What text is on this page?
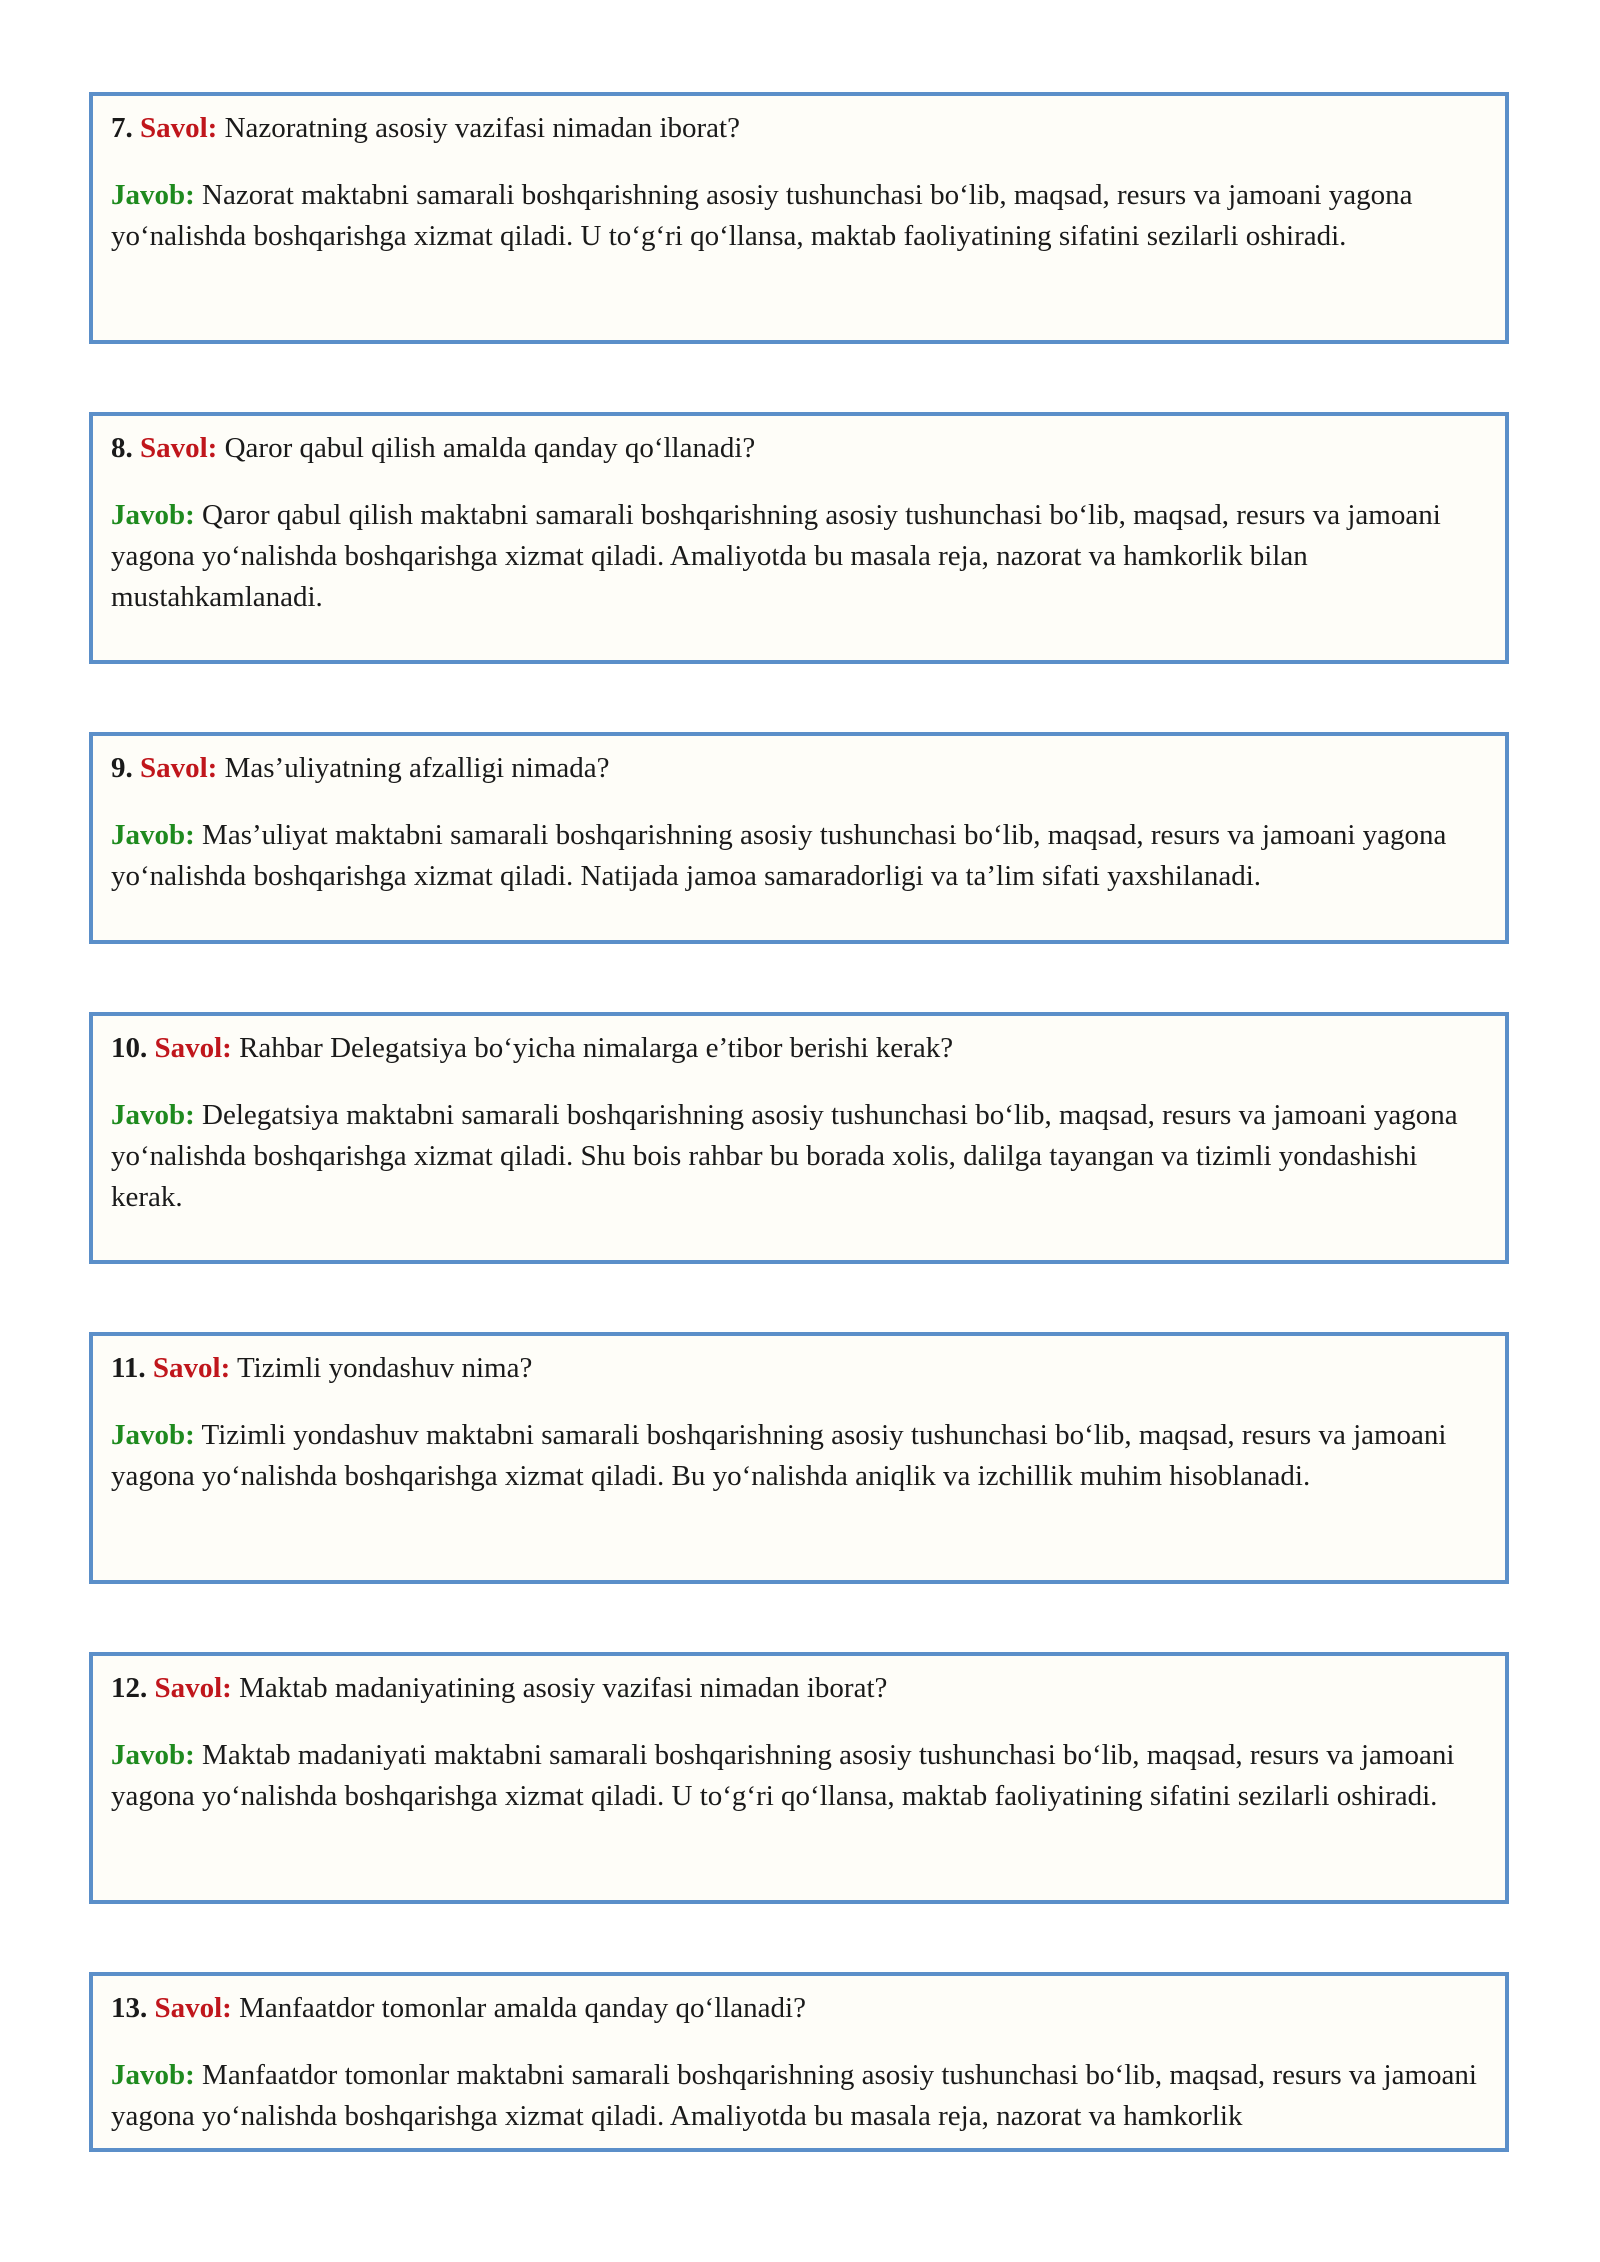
7. Savol: Nazoratning asosiy vazifasi nimadan iborat?

Javob: Nazorat maktabni samarali boshqarishning asosiy tushunchasi bo‘lib, maqsad, resurs va jamoani yagona yo‘nalishda boshqarishga xizmat qiladi. U to‘g‘ri qo‘llansa, maktab faoliyatining sifatini sezilarli oshiradi.

8. Savol: Qaror qabul qilish amalda qanday qo‘llanadi?

Javob: Qaror qabul qilish maktabni samarali boshqarishning asosiy tushunchasi bo‘lib, maqsad, resurs va jamoani yagona yo‘nalishda boshqarishga xizmat qiladi. Amaliyotda bu masala reja, nazorat va hamkorlik bilan mustahkamlanadi.

9. Savol: Mas’uliyatning afzalligi nimada?

Javob: Mas’uliyat maktabni samarali boshqarishning asosiy tushunchasi bo‘lib, maqsad, resurs va jamoani yagona yo‘nalishda boshqarishga xizmat qiladi. Natijada jamoa samaradorligi va ta’lim sifati yaxshilanadi.

10. Savol: Rahbar Delegatsiya bo‘yicha nimalarga e’tibor berishi kerak?

Javob: Delegatsiya maktabni samarali boshqarishning asosiy tushunchasi bo‘lib, maqsad, resurs va jamoani yagona yo‘nalishda boshqarishga xizmat qiladi. Shu bois rahbar bu borada xolis, dalilga tayangan va tizimli yondashishi kerak.

11. Savol: Tizimli yondashuv nima?

Javob: Tizimli yondashuv maktabni samarali boshqarishning asosiy tushunchasi bo‘lib, maqsad, resurs va jamoani yagona yo‘nalishda boshqarishga xizmat qiladi. Bu yo‘nalishda aniqlik va izchillik muhim hisoblanadi.

12. Savol: Maktab madaniyatining asosiy vazifasi nimadan iborat?

Javob: Maktab madaniyati maktabni samarali boshqarishning asosiy tushunchasi bo‘lib, maqsad, resurs va jamoani yagona yo‘nalishda boshqarishga xizmat qiladi. U to‘g‘ri qo‘llansa, maktab faoliyatining sifatini sezilarli oshiradi.

13. Savol: Manfaatdor tomonlar amalda qanday qo‘llanadi?

Javob: Manfaatdor tomonlar maktabni samarali boshqarishning asosiy tushunchasi bo‘lib, maqsad, resurs va jamoani yagona yo‘nalishda boshqarishga xizmat qiladi. Amaliyotda bu masala reja, nazorat va hamkorlik
